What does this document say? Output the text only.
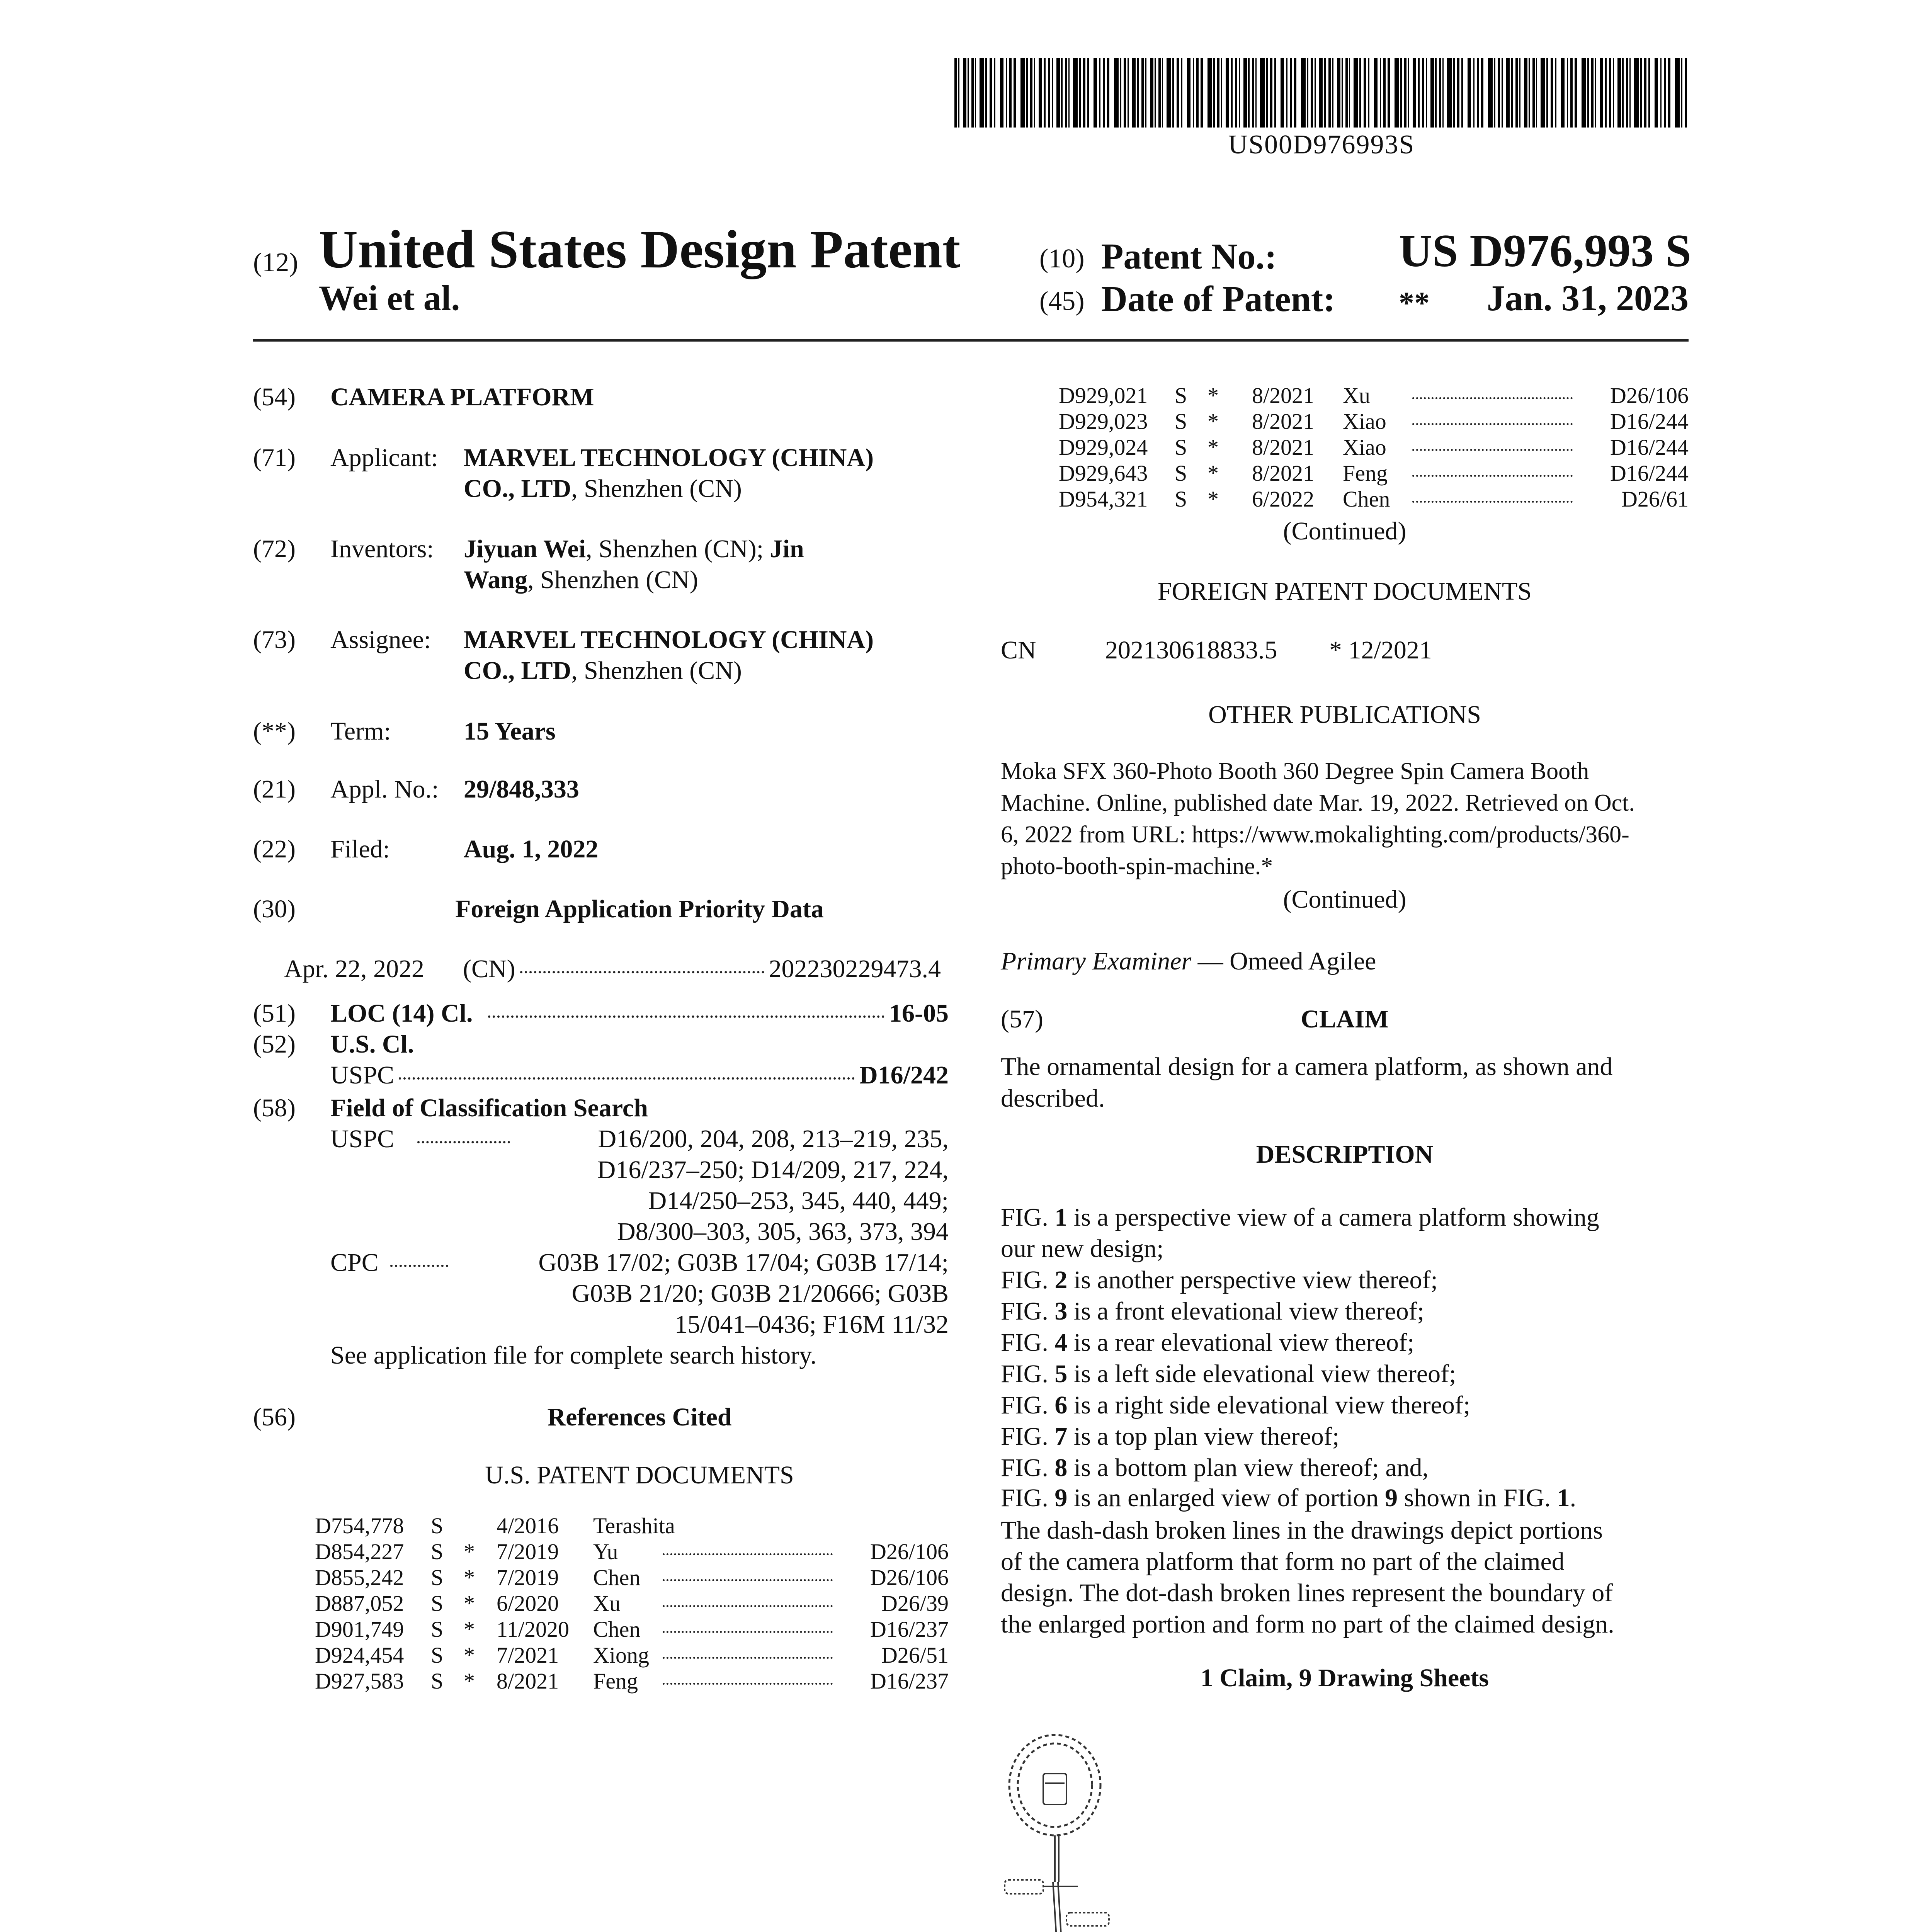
US00D976993S
(12) United States Design Patent
Wei et al.
(10) Patent No.:	US D976,993 S
(45) Date of Patent: **	Jan. 31, 2023
(54) CAMERA PLATFORM
(71) Applicant: MARVEL TECHNOLOGY (CHINA)
CO., LTD, Shenzhen (CN)
(72) Inventors: Jiyuan Wei, Shenzhen (CN); Jin
Wang, Shenzhen (CN)
(73) Assignee: MARVEL TECHNOLOGY (CHINA)
CO., LTD, Shenzhen (CN)
(**) Term:	15 Years
(21) Appl. No.: 29/848,333
(22) Filed:	Aug. 1, 2022
(30)	Foreign Application Priority Data
Apr. 22, 2022 (CN)	202230229473.4
(51) LOC (14) Cl.	16-05
(52) U.S. Cl.
USPC	D16/242
(58) Field of Classification Search
USPC	D16/200, 204, 208, 213–219, 235,
D16/237–250; D14/209, 217, 224,
D14/250–253, 345, 440, 449;
D8/300–303, 305, 363, 373, 394
CPC	G03B 17/02; G03B 17/04; G03B 17/14;
G03B 21/20; G03B 21/20666; G03B
15/041–0436; F16M 11/32
See application file for complete search history.
(56)	References Cited
U.S. PATENT DOCUMENTS
D754,778 S 4/2016 Terashita
D854,227 S * 7/2019 Yu	D26/106
D855,242 S * 7/2019 Chen	D26/106
D887,052 S * 6/2020 Xu	D26/39
D901,749 S * 11/2020 Chen	D16/237
D924,454 S * 7/2021 Xiong	D26/51
D927,583 S * 8/2021 Feng	D16/237
D929,021 S * 8/2021 Xu	D26/106
D929,023 S * 8/2021 Xiao	D16/244
D929,024 S * 8/2021 Xiao	D16/244
D929,643 S * 8/2021 Feng	D16/244
D954,321 S * 6/2022 Chen	D26/61
(Continued)
FOREIGN PATENT DOCUMENTS
CN	202130618833.5 * 12/2021
OTHER PUBLICATIONS
Moka SFX 360-Photo Booth 360 Degree Spin Camera Booth
Machine. Online, published date Mar. 19, 2022. Retrieved on Oct.
6, 2022 from URL: https://www.mokalighting.com/products/360-
photo-booth-spin-machine.*
(Continued)
Primary Examiner — Omeed Agilee
(57)	CLAIM
The ornamental design for a camera platform, as shown and
described.
DESCRIPTION
FIG. 1 is a perspective view of a camera platform showing
our new design;
FIG. 2 is another perspective view thereof;
FIG. 3 is a front elevational view thereof;
FIG. 4 is a rear elevational view thereof;
FIG. 5 is a left side elevational view thereof;
FIG. 6 is a right side elevational view thereof;
FIG. 7 is a top plan view thereof;
FIG. 8 is a bottom plan view thereof; and,
FIG. 9 is an enlarged view of portion 9 shown in FIG. 1.
The dash-dash broken lines in the drawings depict portions
of the camera platform that form no part of the claimed
design. The dot-dash broken lines represent the boundary of
the enlarged portion and form no part of the claimed design.
1 Claim, 9 Drawing Sheets
